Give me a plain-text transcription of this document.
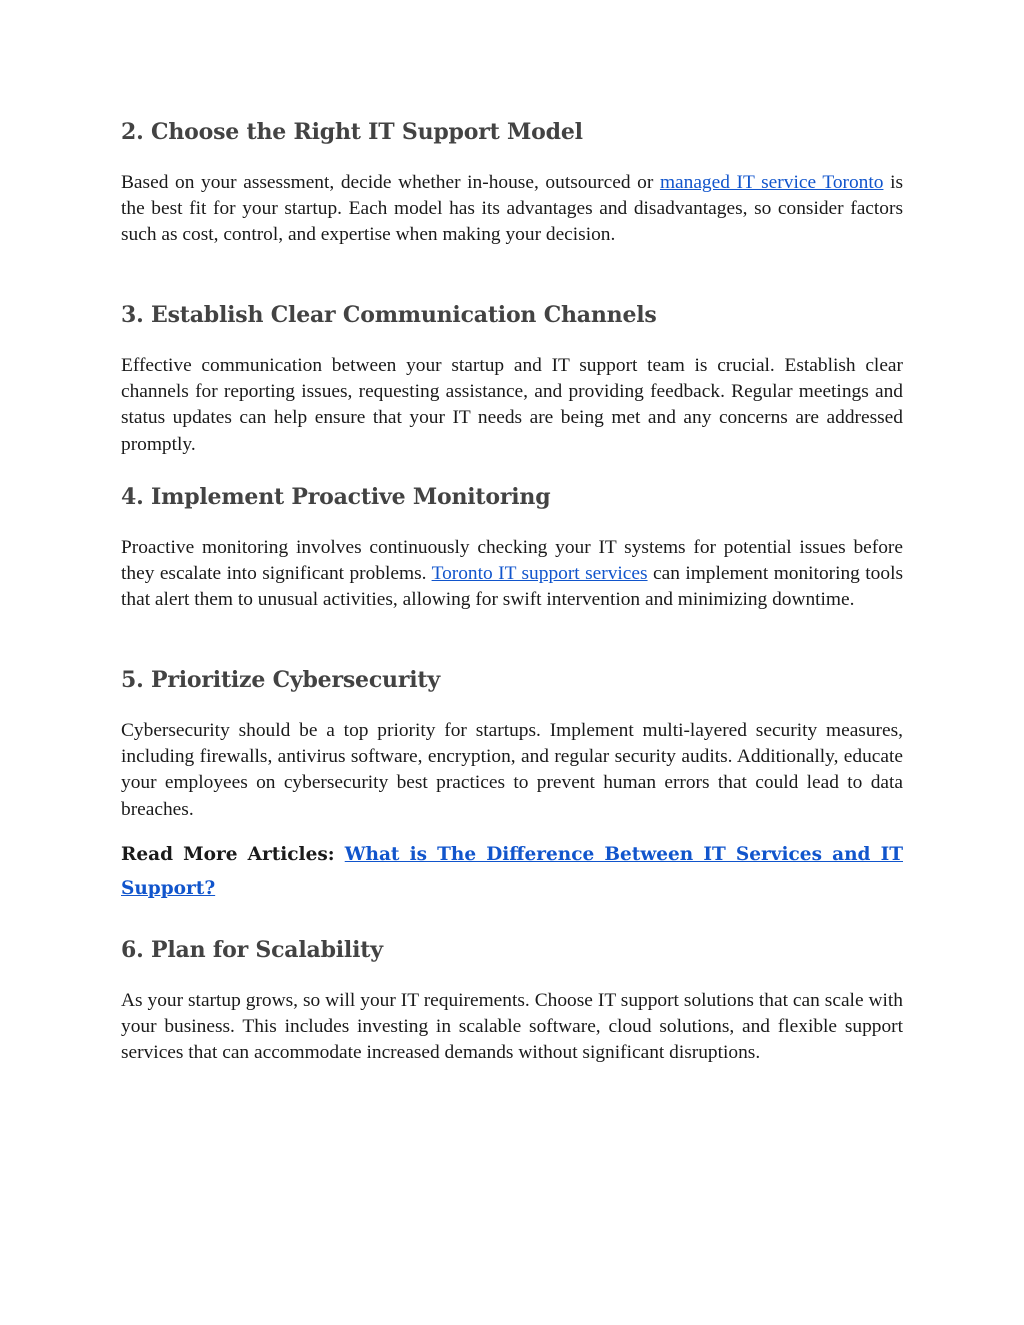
2. Choose the Right IT Support Model

Based on your assessment, decide whether in-house, outsourced or managed IT service Toronto is the best fit for your startup. Each model has its advantages and disadvantages, so consider factors such as cost, control, and expertise when making your decision.

3. Establish Clear Communication Channels

Effective communication between your startup and IT support team is crucial. Establish clear channels for reporting issues, requesting assistance, and providing feedback. Regular meetings and status updates can help ensure that your IT needs are being met and any concerns are addressed promptly.

4. Implement Proactive Monitoring

Proactive monitoring involves continuously checking your IT systems for potential issues before they escalate into significant problems. Toronto IT support services can implement monitoring tools that alert them to unusual activities, allowing for swift intervention and minimizing downtime.

5. Prioritize Cybersecurity

Cybersecurity should be a top priority for startups. Implement multi-layered security measures, including firewalls, antivirus software, encryption, and regular security audits. Additionally, educate your employees on cybersecurity best practices to prevent human errors that could lead to data breaches.

Read More Articles: What is The Difference Between IT Services and IT Support?
6. Plan for Scalability

As your startup grows, so will your IT requirements. Choose IT support solutions that can scale with your business. This includes investing in scalable software, cloud solutions, and flexible support services that can accommodate increased demands without significant disruptions.
